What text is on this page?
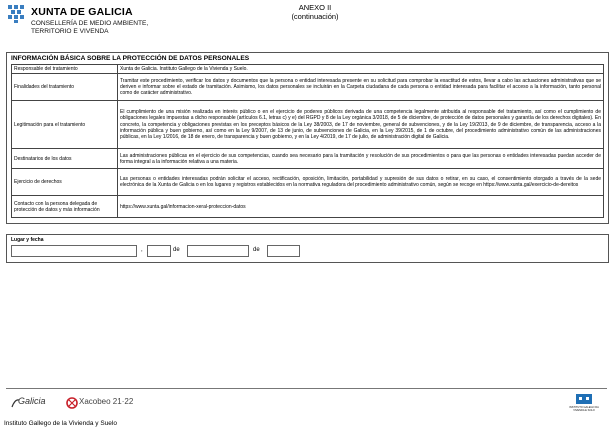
XUNTA DE GALICIA
CONSELLERÍA DE MEDIO AMBIENTE,
TERRITORIO E VIVENDA
ANEXO II
(continuación)
INFORMACIÓN BÁSICA SOBRE LA PROTECCIÓN DE DATOS PERSONALES
Responsable del tratamiento	Xunta de Galicia. Instituto Gallego de la Vivienda y Suelo.
Finalidades del tratamiento	Tramitar este procedimiento, verificar los datos y documentos que la persona o entidad interesada presente en su solicitud para comprobar la exactitud de estos, llevar a cabo las actuaciones administrativas que se deriven e informar sobre el estado de tramitación. Asimismo, los datos personales se incluirán en la Carpeta ciudadana de cada persona o entidad interesada para facilitar el acceso a la información, tanto personal como de carácter administrativo.
Legitimación para el tratamiento	El cumplimiento de una misión realizada en interés público o en el ejercicio de poderes públicos derivada de una competencia legalmente atribuida al responsable del tratamiento, así como el cumplimiento de obligaciones legales impuestas a dicho responsable (artículos 6.1, letras c) y e) del RGPD y 8 de la Ley orgánica 3/2018, de 5 de diciembre, de protección de datos personales y garantía de los derechos digitales). En concreto, la competencia y obligaciones previstas en los preceptos básicos de la Ley 38/2003, de 17 de noviembre, general de subvenciones, y de la Ley 19/2013, de 9 de diciembre, de transparencia, acceso a la información pública y buen gobierno, así como en la Ley 9/2007, de 13 de junio, de subvenciones de Galicia, en la Ley 39/2015, de 1 de octubre, del procedimiento administrativo común de las administraciones públicas, en la Ley 1/2016, de 18 de enero, de transparencia y buen gobierno, y en la Ley 4/2019, de 17 de julio, de administración digital de Galicia.
Destinatarios de los datos	Las administraciones públicas en el ejercicio de sus competencias, cuando sea necesario para la tramitación y resolución de sus procedimientos o para que las personas o entidades interesadas puedan acceder de forma integral a la información relativa a una materia.
Ejercicio de derechos	Las personas o entidades interesadas podrán solicitar el acceso, rectificación, oposición, limitación, portabilidad y supresión de sus datos o retirar, en su caso, el consentimiento otorgado a través de la sede electrónica de la Xunta de Galicia o en los lugares y registros establecidos en la normativa reguladora del procedimiento administrativo común, según se recoge en https://www.xunta.gal/exercicio-de-dereitos
Contacto con la persona delegada de protección de datos y más información	https://www.xunta.gal/informacion-xeral-proteccion-datos
Lugar y fecha
,	de	de
Galicia	Xacobeo 21·22
INSTITUTO GALEGO DA VIVENDA E SOLO
Instituto Gallego de la Vivienda y Suelo
